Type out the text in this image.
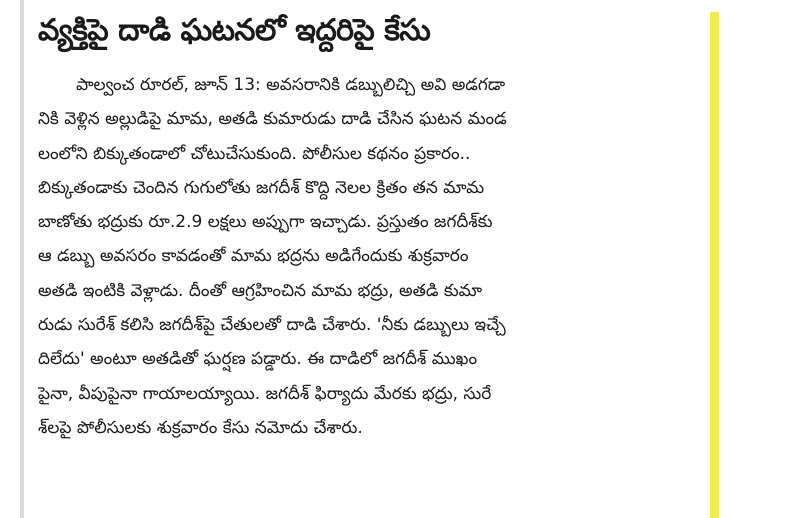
వ్యక్తిపై దాడి ఘటనలో ఇద్దరిపై కేసు
పాల్వంచ రూరల్, జూన్ 13: అవసరానికి డబ్బులిచ్చి అవి అడగడా
నికి వెళ్లిన అల్లుడిపై మామ, అతడి కుమారుడు దాడి చేసిన ఘటన మండ
లంలోని బిక్కుతండాలో చోటుచేసుకుంది. పోలీసుల కథనం ప్రకారం..
బిక్కుతండాకు చెందిన గుగులోతు జగదీశ్ కొద్ది నెలల క్రితం తన మామ
బాణోతు భద్రుకు రూ.2.9 లక్షలు అప్పుగా ఇచ్చాడు. ప్రస్తుతం జగదీశ్‌కు
ఆ డబ్బు అవసరం కావడంతో మామ భద్రను అడిగేందుకు శుక్రవారం
అతడి ఇంటికి వెళ్లాడు. దీంతో ఆగ్రహించిన మామ భద్రు, అతడి కుమా
రుడు సురేశ్ కలిసి జగదీశ్‌పై చేతులతో దాడి చేశారు. 'నీకు డబ్బులు ఇచ్చే
దిలేదు' అంటూ అతడితో ఘర్షణ పడ్డారు. ఈ దాడిలో జగదీశ్ ముఖం
పైనా, వీపుపైనా గాయాలయ్యాయి. జగదీశ్ ఫిర్యాదు మేరకు భద్రు, సురే
శ్‌లపై పోలీసులకు శుక్రవారం కేసు నమోదు చేశారు.
